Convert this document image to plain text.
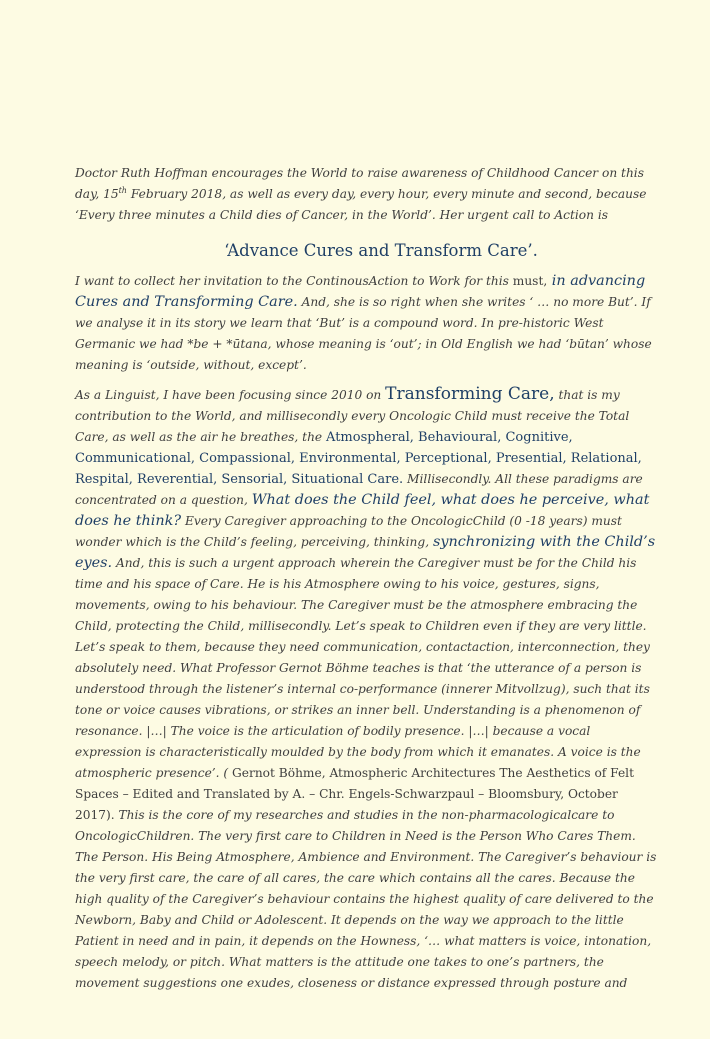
Doctor Ruth Hoffman encourages the World to raise awareness of Childhood Cancer on this day, 15th February 2018, as well as every day, every hour, every minute and second, because ‘Every three minutes a Child dies of Cancer, in the World’. Her urgent call to Action is

‘Advance Cures and Transform Care’.

I want to collect her invitation to the ContinousAction to Work for this must, in advancing Cures and Transforming Care. And, she is so right when she writes ‘ … no more But’. If we analyse it in its story we learn that ‘But’ is a compound word. In pre-historic West Germanic we had *be + *ūtana, whose meaning is ‘out’; in Old English we had ‘būtan’ whose meaning is ‘outside, without, except’.

As a Linguist, I have been focusing since 2010 on Transforming Care, that is my contribution to the World, and millisecondly every Oncologic Child must receive the Total Care, as well as the air he breathes, the Atmospheral, Behavioural, Cognitive, Communicational, Compassional, Environmental, Perceptional, Presential, Relational, Respital, Reverential, Sensorial, Situational Care. Millisecondly. All these paradigms are concentrated on a question, What does the Child feel, what does he perceive, what does he think? Every Caregiver approaching to the OncologicChild (0 -18 years) must wonder which is the Child’s feeling, perceiving, thinking, synchronizing with the Child’s eyes. And, this is such a urgent approach wherein the Caregiver must be for the Child his time and his space of Care. He is his Atmosphere owing to his voice, gestures, signs, movements, owing to his behaviour. The Caregiver must be the atmosphere embracing the Child, protecting the Child, millisecondly. Let’s speak to Children even if they are very little. Let’s speak to them, because they need communication, contactaction, interconnection, they absolutely need. What Professor Gernot Böhme teaches is that ‘the utterance of a person is understood through the listener’s internal co-performance (innerer Mitvollzug), such that its tone or voice causes vibrations, or strikes an inner bell. Understanding is a phenomenon of resonance. |…| The voice is the articulation of bodily presence. |…| because a vocal expression is characteristically moulded by the body from which it emanates. A voice is the atmospheric presence’. ( Gernot Böhme, Atmospheric Architectures The Aesthetics of Felt Spaces – Edited and Translated by A. – Chr. Engels-Schwarzpaul – Bloomsbury, October 2017). This is the core of my researches and studies in the non-pharmacologicalcare to OncologicChildren. The very first care to Children in Need is the Person Who Cares Them. The Person. His Being Atmosphere, Ambience and Environment. The Caregiver’s behaviour is the very first care, the care of all cares, the care which contains all the cares. Because the high quality of the Caregiver’s behaviour contains the highest quality of care delivered to the Newborn, Baby and Child or Adolescent. It depends on the way we approach to the little Patient in need and in pain, it depends on the Howness, ‘… what matters is voice, intonation, speech melody, or pitch. What matters is the attitude one takes to one’s partners, the movement suggestions one exudes, closeness or distance expressed through posture and
